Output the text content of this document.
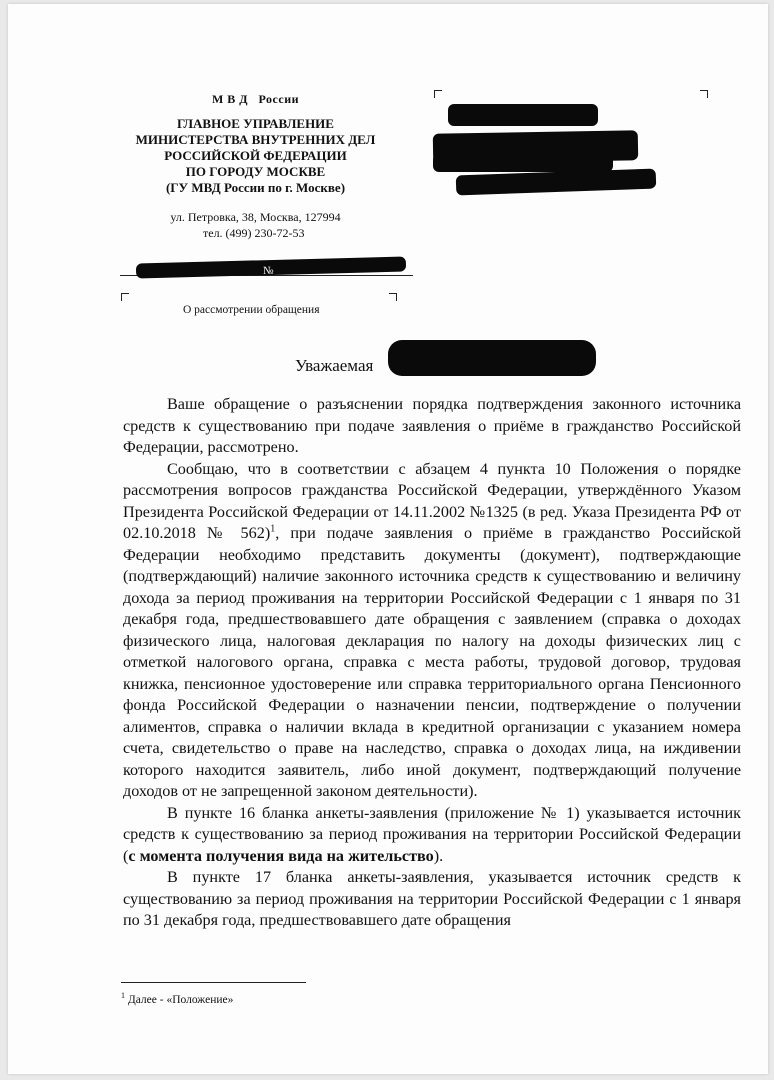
М В Д   России
ГЛАВНОЕ УПРАВЛЕНИЕ
МИНИСТЕРСТВА ВНУТРЕННИХ ДЕЛ
РОССИЙСКОЙ ФЕДЕРАЦИИ
ПО ГОРОДУ МОСКВЕ
(ГУ МВД России по г. Москве)
ул. Петровка, 38, Москва, 127994
тел. (499) 230-72-53
№
О рассмотрении обращения
Уважаемая

Ваше обращение о разъяснении порядка подтверждения законного источника средств к существованию при подаче заявления о приёме в гражданство Российской Федерации, рассмотрено.

Сообщаю, что в соответствии с абзацем 4 пункта 10 Положения о порядке рассмотрения вопросов гражданства Российской Федерации, утверждённого Указом Президента Российской Федерации от 14.11.2002 №1325 (в ред. Указа Президента РФ от 02.10.2018 № 562)$^1$, при подаче заявления о приёме в гражданство Российской Федерации необходимо представить документы (документ), подтверждающие (подтверждающий) наличие законного источника средств к существованию и величину дохода за период проживания на территории Российской Федерации с 1 января по 31 декабря года, предшествовавшего дате обращения с заявлением (справка о доходах физического лица, налоговая декларация по налогу на доходы физических лиц с отметкой налогового органа, справка с места работы, трудовой договор, трудовая книжка, пенсионное удостоверение или справка территориального органа Пенсионного фонда Российской Федерации о назначении пенсии, подтверждение о получении алиментов, справка о наличии вклада в кредитной организации с указанием номера счета, свидетельство о праве на наследство, справка о доходах лица, на иждивении которого находится заявитель, либо иной документ, подтверждающий получение доходов от не запрещенной законом деятельности).

В пункте 16 бланка анкеты-заявления (приложение № 1) указывается источник средств к существованию за период проживания на территории Российской Федерации (с момента получения вида на жительство).

В пункте 17 бланка анкеты-заявления, указывается источник средств к существованию за период проживания на территории Российской Федерации с 1 января по 31 декабря года, предшествовавшего дате обращения

$^1$ Далее - «Положение»
